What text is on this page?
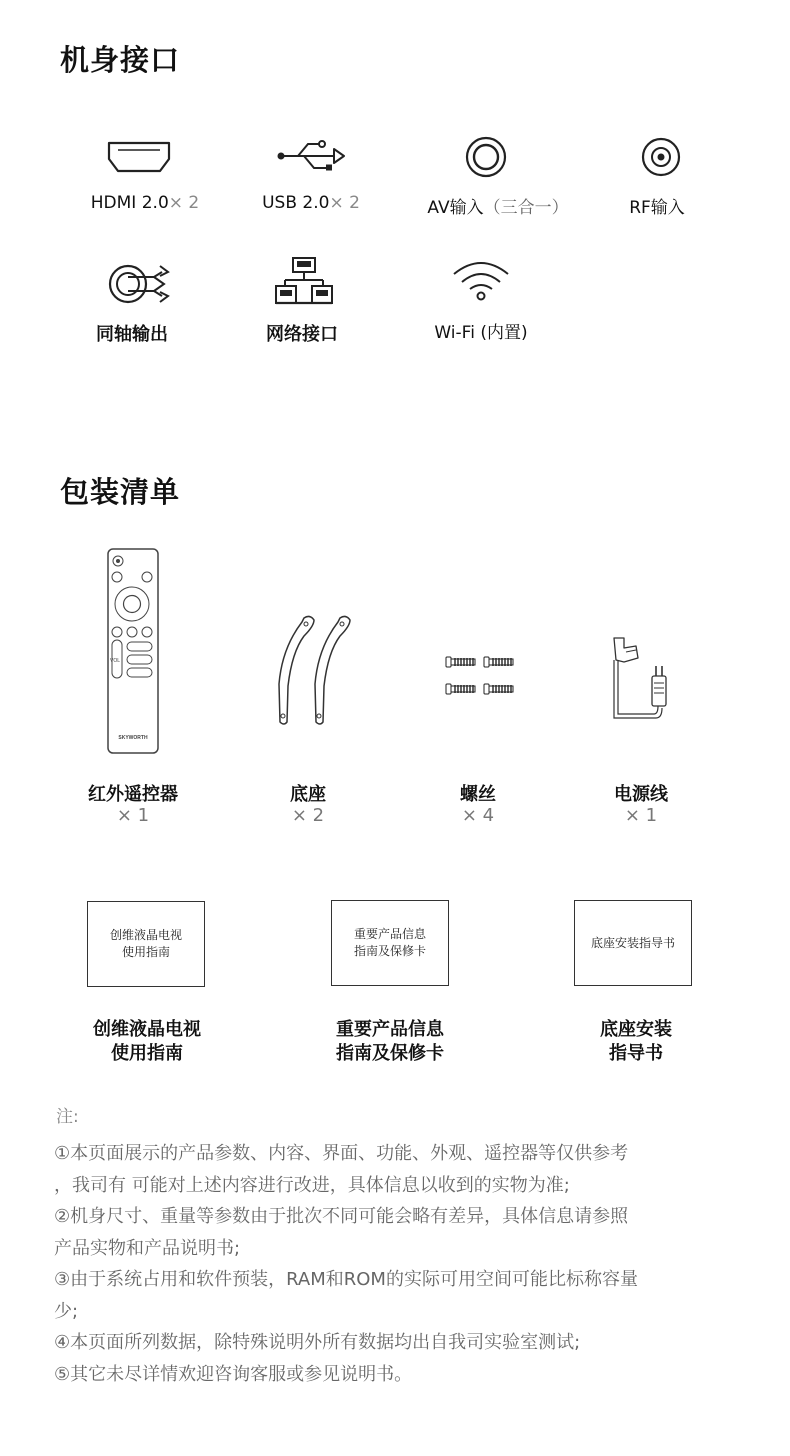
机身接口
HDMI 2.0× 2	USB 2.0× 2	AV输入（三合一）	RF输入
同轴输出	网络接口	Wi-Fi (内置)
包装清单
VOL
SKYWORTH
红外遥控器
× 1
底座
× 2
螺丝
× 4
电源线
× 1
创维液晶电视
使用指南
重要产品信息
指南及保修卡
底座安装指导书
创维液晶电视
使用指南
重要产品信息
指南及保修卡
底座安装
指导书
注:

①本页面展示的产品参数、内容、界面、功能、外观、遥控器等仅供参考

，我司有 可能对上述内容进行改进，具体信息以收到的实物为准;

②机身尺寸、重量等参数由于批次不同可能会略有差异，具体信息请参照

产品实物和产品说明书;

③由于系统占用和软件预装，RAM和ROM的实际可用空间可能比标称容量

少;

④本页面所列数据，除特殊说明外所有数据均出自我司实验室测试;

⑤其它未尽详情欢迎咨询客服或参见说明书。
